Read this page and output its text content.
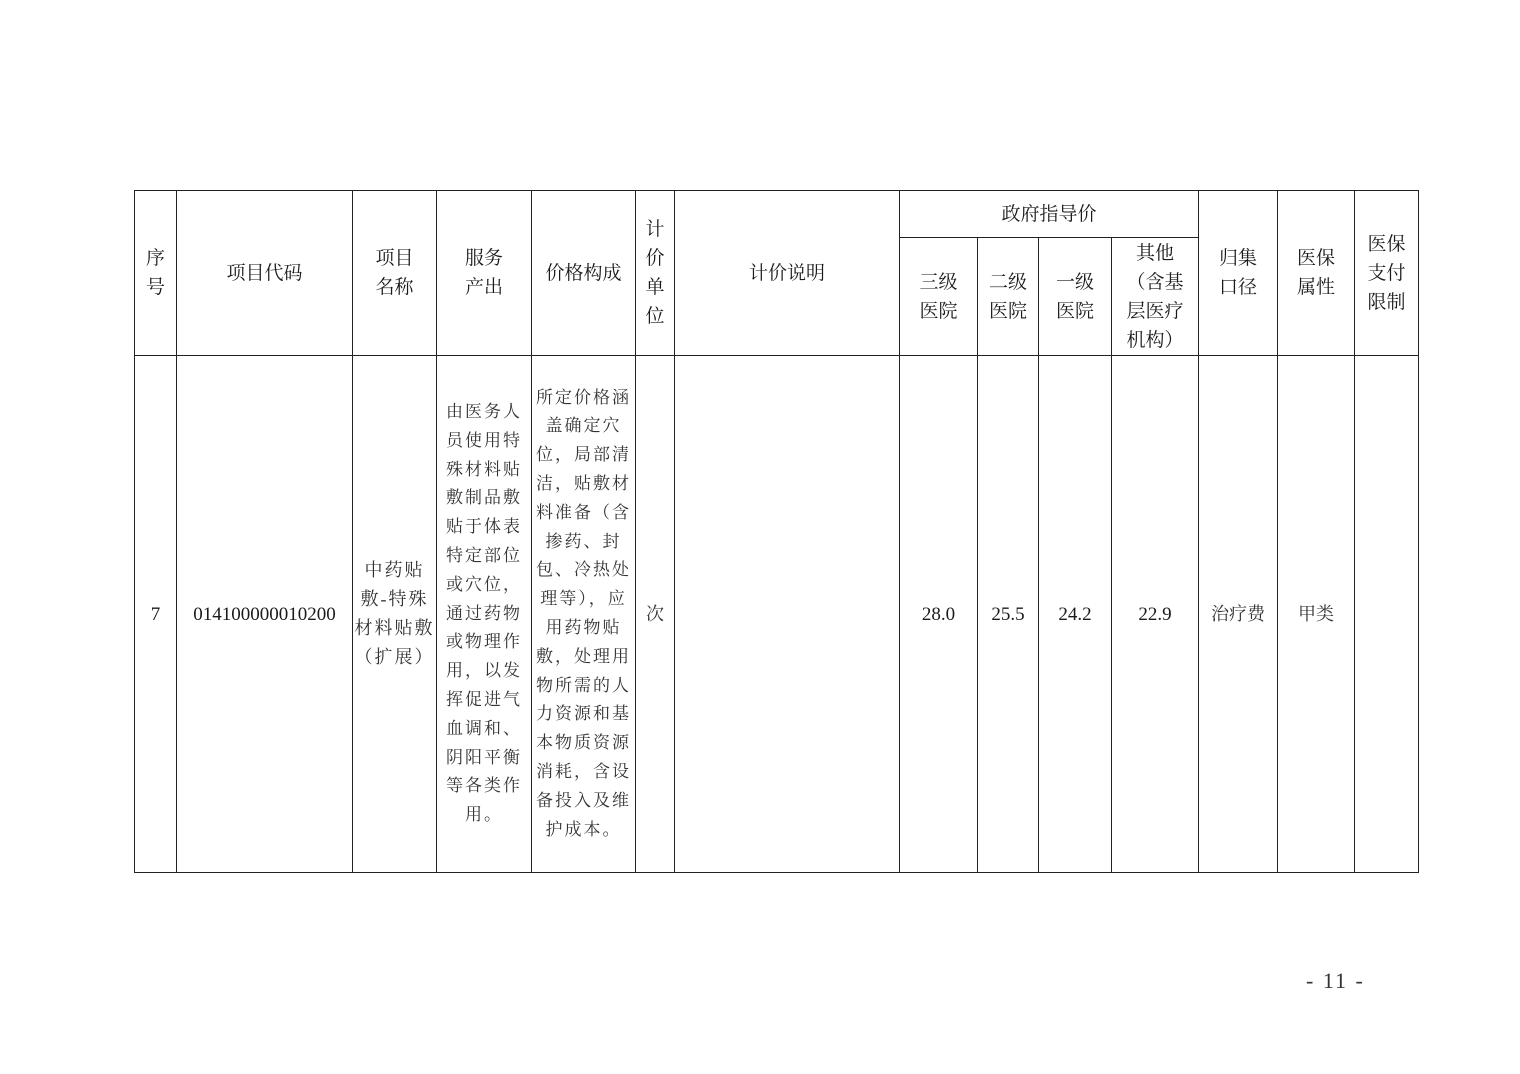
序号	项目代码	项目名称	服务产出	价格构成	计价单位	计价说明	政府指导价				归集口径	医保属性	医保支付限制

							三级医院	二级医院	一级医院	其他（含基层医疗机构）			

7	014100000010200	中药贴敷-特殊材料贴敷（扩展）	由医务人员使用特殊材料贴敷制品敷贴于体表特定部位或穴位，通过药物或物理作用，以发挥促进气血调和、阴阳平衡等各类作用。	所定价格涵盖确定穴位，局部清洁，贴敷材料准备（含掺药、封包、冷热处理等），应用药物贴敷，处理用物所需的人力资源和基本物质资源消耗，含设备投入及维护成本。	次		28.0	25.5	24.2	22.9	治疗费	甲类	
- 11 -
